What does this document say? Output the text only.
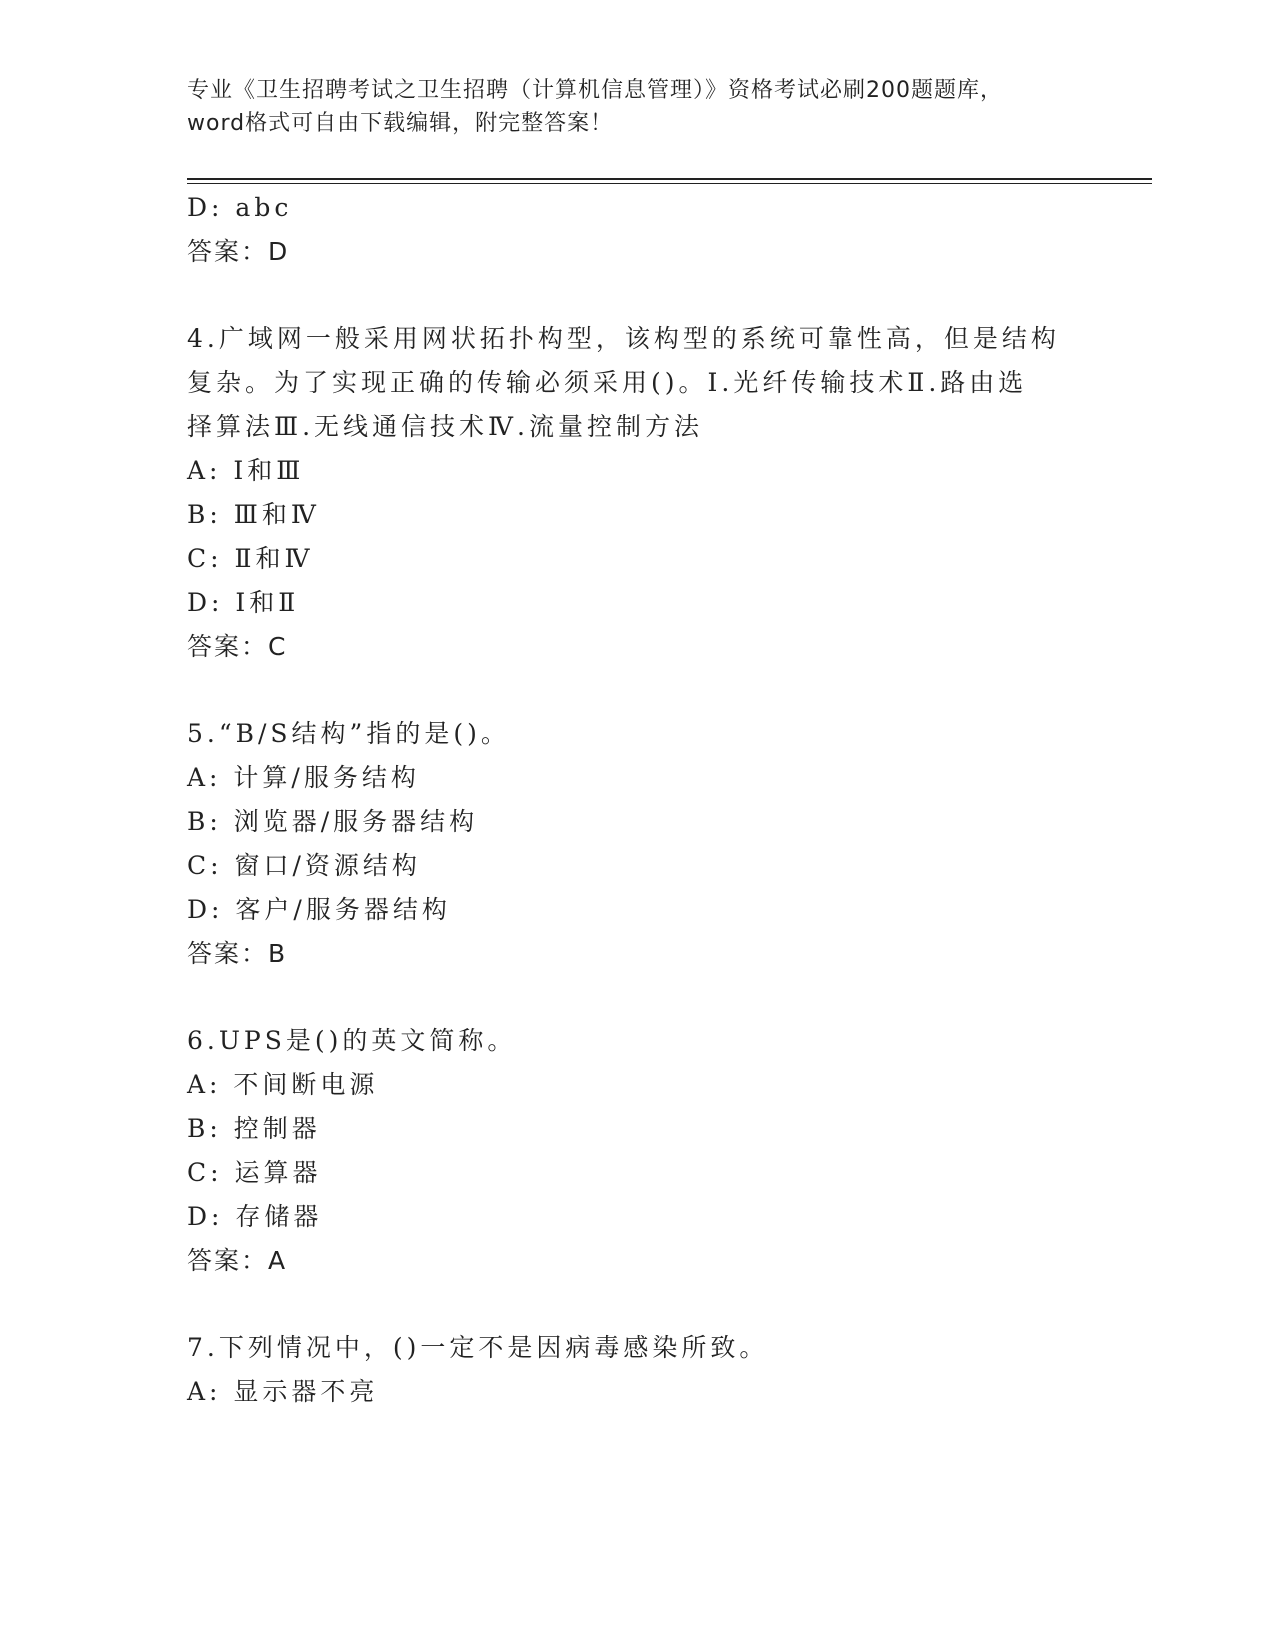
专业《卫生招聘考试之卫生招聘（计算机信息管理）》资格考试必刷200题题库，
word格式可自由下载编辑，附完整答案！
D: abc
答案：D
4.广域网一般采用网状拓扑构型，该构型的系统可靠性高，但是结构
复杂。为了实现正确的传输必须采用()。Ⅰ.光纤传输技术Ⅱ.路由选
择算法Ⅲ.无线通信技术Ⅳ.流量控制方法
A: Ⅰ和Ⅲ
B: Ⅲ和Ⅳ
C: Ⅱ和Ⅳ
D: Ⅰ和Ⅱ
答案：C
5.“B/S结构”指的是()。
A: 计算/服务结构
B: 浏览器/服务器结构
C: 窗口/资源结构
D: 客户/服务器结构
答案：B
6.UPS是()的英文简称。
A: 不间断电源
B: 控制器
C: 运算器
D: 存储器
答案：A
7.下列情况中，()一定不是因病毒感染所致。
A: 显示器不亮
